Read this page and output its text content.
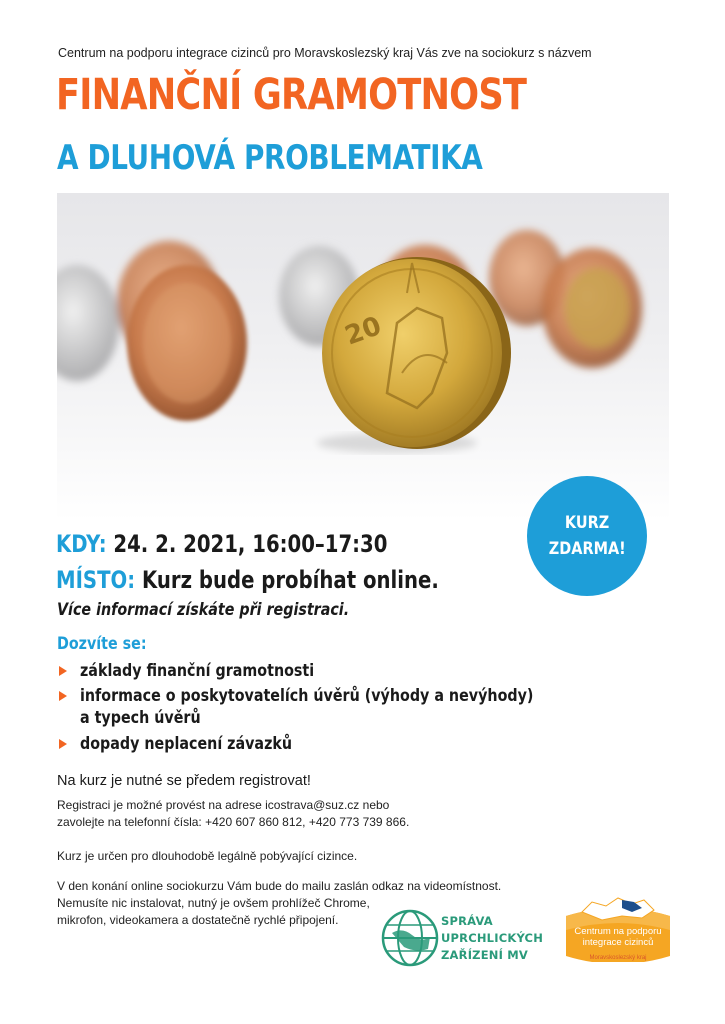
Centrum na podporu integrace cizinců pro Moravskoslezský kraj Vás zve na sociokurz s názvem
FINANČNÍ GRAMOTNOST
A DLUHOVÁ PROBLEMATIKA
20
KURZ
ZDARMA!
KDY: 24. 2. 2021, 16:00–17:30
MÍSTO: Kurz bude probíhat online.
Více informací získáte při registraci.
Dozvíte se:
základy finanční gramotnosti
informace o poskytovatelích úvěrů (výhody a nevýhody)
a typech úvěrů
dopady neplacení závazků
Na kurz je nutné se předem registrovat!
Registraci je možné provést na adrese icostrava@suz.cz nebo
zavolejte na telefonní čísla: +420 607 860 812, +420 773 739 866.
Kurz je určen pro dlouhodobě legálně pobývající cizince.
V den konání online sociokurzu Vám bude do mailu zaslán odkaz na videomístnost.
Nemusíte nic instalovat, nutný je ovšem prohlížeč Chrome,
mikrofon, videokamera a dostatečně rychlé připojení.	SPRÁVA
UPRCHLICKÝCH
ZAŘÍZENÍ MV
Centrum na podporu
integrace cizinců
Moravskoslezský kraj
